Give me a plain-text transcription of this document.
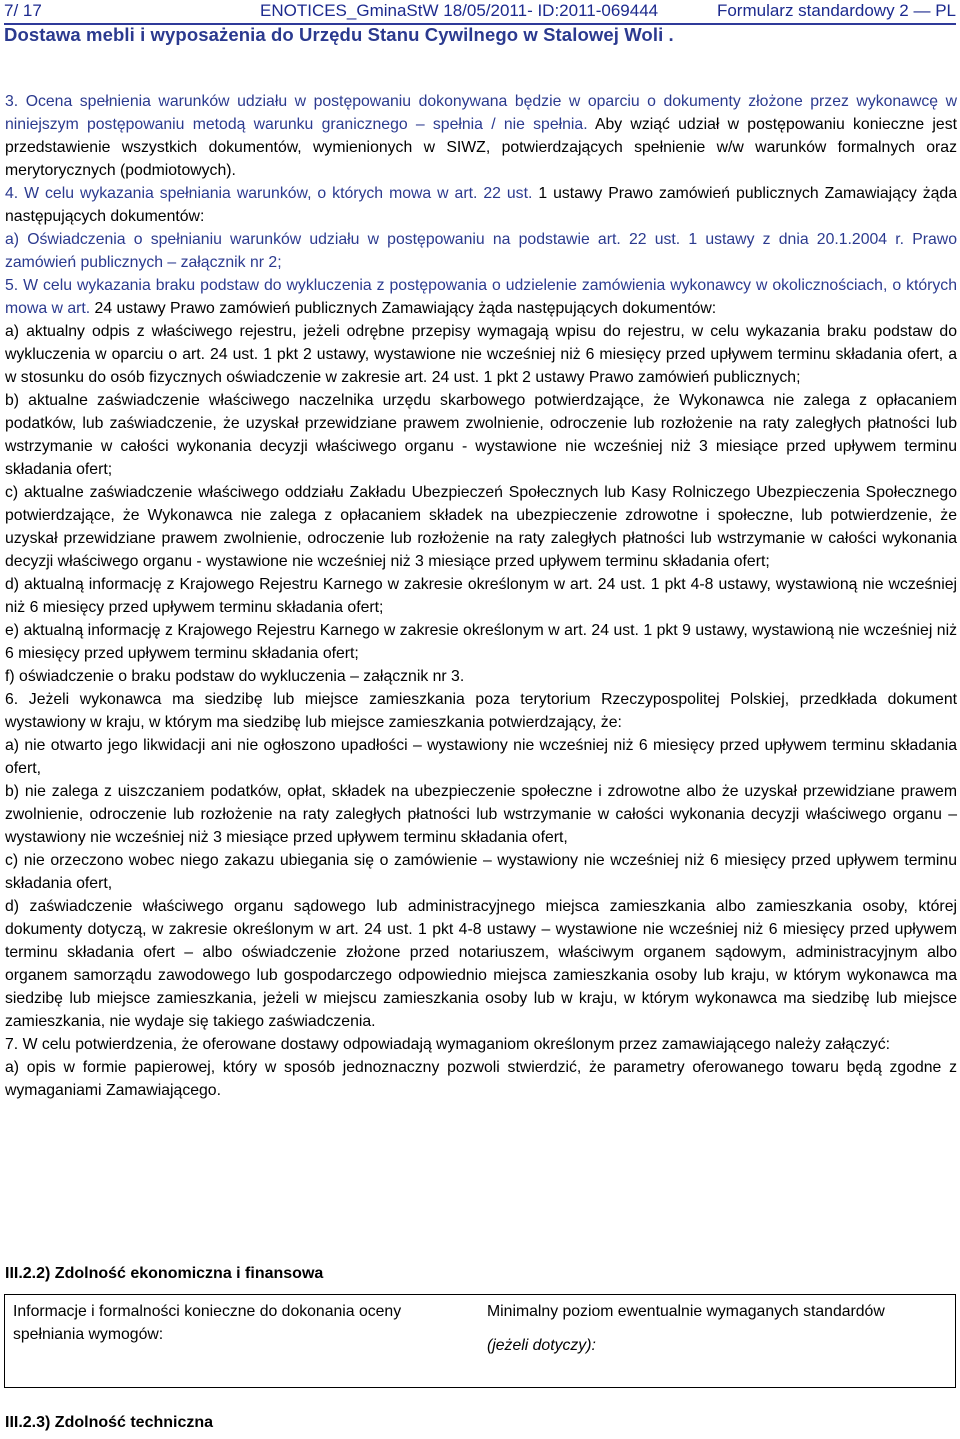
7/ 17	ENOTICES_GminaStW 18/05/2011- ID:2011-069444	Formularz standardowy 2 — PL
Dostawa mebli i wyposażenia do Urzędu Stanu Cywilnego w Stalowej Woli .

3. Ocena spełnienia warunków udziału w postępowaniu dokonywana będzie w oparciu o dokumenty złożone przez wykonawcę w niniejszym postępowaniu metodą warunku granicznego – spełnia / nie spełnia. Aby wziąć udział w postępowaniu konieczne jest przedstawienie wszystkich dokumentów, wymienionych w SIWZ, potwierdzających spełnienie w/w warunków formalnych oraz merytorycznych (podmiotowych).

4. W celu wykazania spełniania warunków, o których mowa w art. 22 ust. 1 ustawy Prawo zamówień publicznych Zamawiający żąda następujących dokumentów:

a) Oświadczenia o spełnianiu warunków udziału w postępowaniu na podstawie art. 22 ust. 1 ustawy z dnia 20.1.2004 r. Prawo zamówień publicznych – załącznik nr 2;

5. W celu wykazania braku podstaw do wykluczenia z postępowania o udzielenie zamówienia wykonawcy w okolicznościach, o których mowa w art. 24 ustawy Prawo zamówień publicznych Zamawiający żąda następujących dokumentów:

a) aktualny odpis z właściwego rejestru, jeżeli odrębne przepisy wymagają wpisu do rejestru, w celu wykazania braku podstaw do wykluczenia w oparciu o art. 24 ust. 1 pkt 2 ustawy, wystawione nie wcześniej niż 6 miesięcy przed upływem terminu składania ofert, a w stosunku do osób fizycznych oświadczenie w zakresie art. 24 ust. 1 pkt 2 ustawy Prawo zamówień publicznych;

b) aktualne zaświadczenie właściwego naczelnika urzędu skarbowego potwierdzające, że Wykonawca nie zalega z opłacaniem podatków, lub zaświadczenie, że uzyskał przewidziane prawem zwolnienie, odroczenie lub rozłożenie na raty zaległych płatności lub wstrzymanie w całości wykonania decyzji właściwego organu - wystawione nie wcześniej niż 3 miesiące przed upływem terminu składania ofert;

c) aktualne zaświadczenie właściwego oddziału Zakładu Ubezpieczeń Społecznych lub Kasy Rolniczego Ubezpieczenia Społecznego potwierdzające, że Wykonawca nie zalega z opłacaniem składek na ubezpieczenie zdrowotne i społeczne, lub potwierdzenie, że uzyskał przewidziane prawem zwolnienie, odroczenie lub rozłożenie na raty zaległych płatności lub wstrzymanie w całości wykonania decyzji właściwego organu - wystawione nie wcześniej niż 3 miesiące przed upływem terminu składania ofert;

d) aktualną informację z Krajowego Rejestru Karnego w zakresie określonym w art. 24 ust. 1 pkt 4-8 ustawy, wystawioną nie wcześniej niż 6 miesięcy przed upływem terminu składania ofert;

e) aktualną informację z Krajowego Rejestru Karnego w zakresie określonym w art. 24 ust. 1 pkt 9 ustawy, wystawioną nie wcześniej niż 6 miesięcy przed upływem terminu składania ofert;

f) oświadczenie o braku podstaw do wykluczenia – załącznik nr 3.

6. Jeżeli wykonawca ma siedzibę lub miejsce zamieszkania poza terytorium Rzeczypospolitej Polskiej, przedkłada dokument wystawiony w kraju, w którym ma siedzibę lub miejsce zamieszkania potwierdzający, że:

a) nie otwarto jego likwidacji ani nie ogłoszono upadłości – wystawiony nie wcześniej niż 6 miesięcy przed upływem terminu składania ofert,

b) nie zalega z uiszczaniem podatków, opłat, składek na ubezpieczenie społeczne i zdrowotne albo że uzyskał przewidziane prawem zwolnienie, odroczenie lub rozłożenie na raty zaległych płatności lub wstrzymanie w całości wykonania decyzji właściwego organu – wystawiony nie wcześniej niż 3 miesiące przed upływem terminu składania ofert,

c) nie orzeczono wobec niego zakazu ubiegania się o zamówienie – wystawiony nie wcześniej niż 6 miesięcy przed upływem terminu składania ofert,

d) zaświadczenie właściwego organu sądowego lub administracyjnego miejsca zamieszkania albo zamieszkania osoby, której dokumenty dotyczą, w zakresie określonym w art. 24 ust. 1 pkt 4-8 ustawy – wystawione nie wcześniej niż 6 miesięcy przed upływem terminu składania ofert – albo oświadczenie złożone przed notariuszem, właściwym organem sądowym, administracyjnym albo organem samorządu zawodowego lub gospodarczego odpowiednio miejsca zamieszkania osoby lub kraju, w którym wykonawca ma siedzibę lub miejsce zamieszkania, jeżeli w miejscu zamieszkania osoby lub w kraju, w którym wykonawca ma siedzibę lub miejsce zamieszkania, nie wydaje się takiego zaświadczenia.

7. W celu potwierdzenia, że oferowane dostawy odpowiadają wymaganiom określonym przez zamawiającego należy załączyć:

a) opis w formie papierowej, który w sposób jednoznaczny pozwoli stwierdzić, że parametry oferowanego towaru będą zgodne z wymaganiami Zamawiającego.

III.2.2) Zdolność ekonomiczna i finansowa
Informacje i formalności konieczne do dokonania oceny spełniania wymogów:
Minimalny poziom ewentualnie wymaganych standardów
(jeżeli dotyczy):
III.2.3) Zdolność techniczna
